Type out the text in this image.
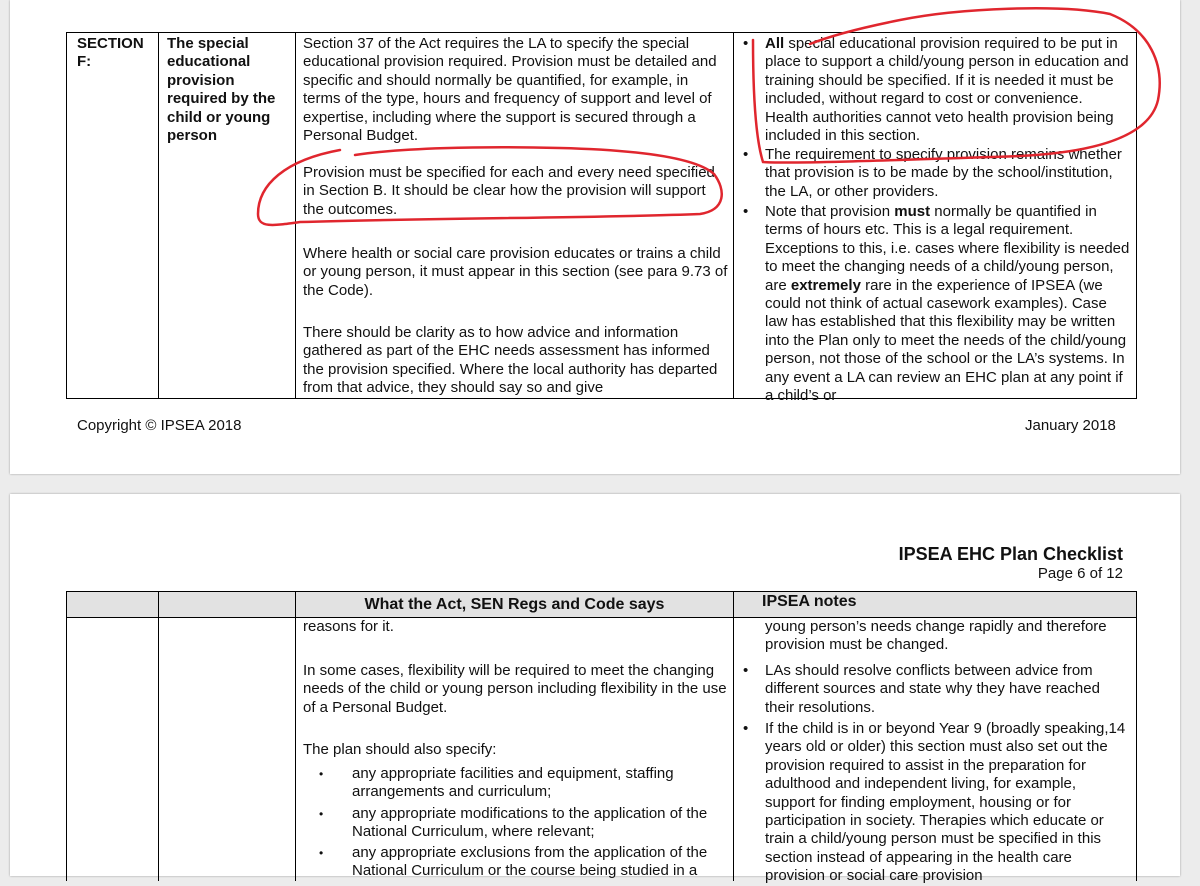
SECTION F:
The special educational provision required by the child or young person
Section 37 of the Act requires the LA to specify the special educational provision required. Provision must be detailed and specific and should normally be quantified, for example, in terms of the type, hours and frequency of support and level of expertise, including where the support is secured through a Personal Budget.
Provision must be specified for each and every need specified in Section B. It should be clear how the provision will support the outcomes.
Where health or social care provision educates or trains a child or young person, it must appear in this section (see para 9.73 of the Code).
There should be clarity as to how advice and information gathered as part of the EHC needs assessment has informed the provision specified. Where the local authority has departed from that advice, they should say so and give
• All special educational provision required to be put in place to support a child/young person in education and training should be specified. If it is needed it must be included, without regard to cost or convenience. Health authorities cannot veto health provision being included in this section.
• The requirement to specify provision remains whether that provision is to be made by the school/institution, the LA, or other providers.
• Note that provision must normally be quantified in terms of hours etc. This is a legal requirement. Exceptions to this, i.e. cases where flexibility is needed to meet the changing needs of a child/young person, are extremely rare in the experience of IPSEA (we could not think of actual casework examples). Case law has established that this flexibility may be written into the Plan only to meet the needs of the child/young person, not those of the school or the LA’s systems. In any event a LA can review an EHC plan at any point if a child’s or
Copyright © IPSEA 2018	January 2018
IPSEA EHC Plan Checklist
Page 6 of 12
What the Act, SEN Regs and Code says	IPSEA notes
reasons for it.
In some cases, flexibility will be required to meet the changing needs of the child or young person including flexibility in the use of a Personal Budget.
The plan should also specify:
• any appropriate facilities and equipment, staffing arrangements and curriculum;
• any appropriate modifications to the application of the National Curriculum, where relevant;
• any appropriate exclusions from the application of the National Curriculum or the course being studied in a
young person’s needs change rapidly and therefore provision must be changed.
• LAs should resolve conflicts between advice from different sources and state why they have reached their resolutions.
• If the child is in or beyond Year 9 (broadly speaking,14 years old or older) this section must also set out the provision required to assist in the preparation for adulthood and independent living, for example, support for finding employment, housing or for participation in society. Therapies which educate or train a child/young person must be specified in this section instead of appearing in the health care provision or social care provision
